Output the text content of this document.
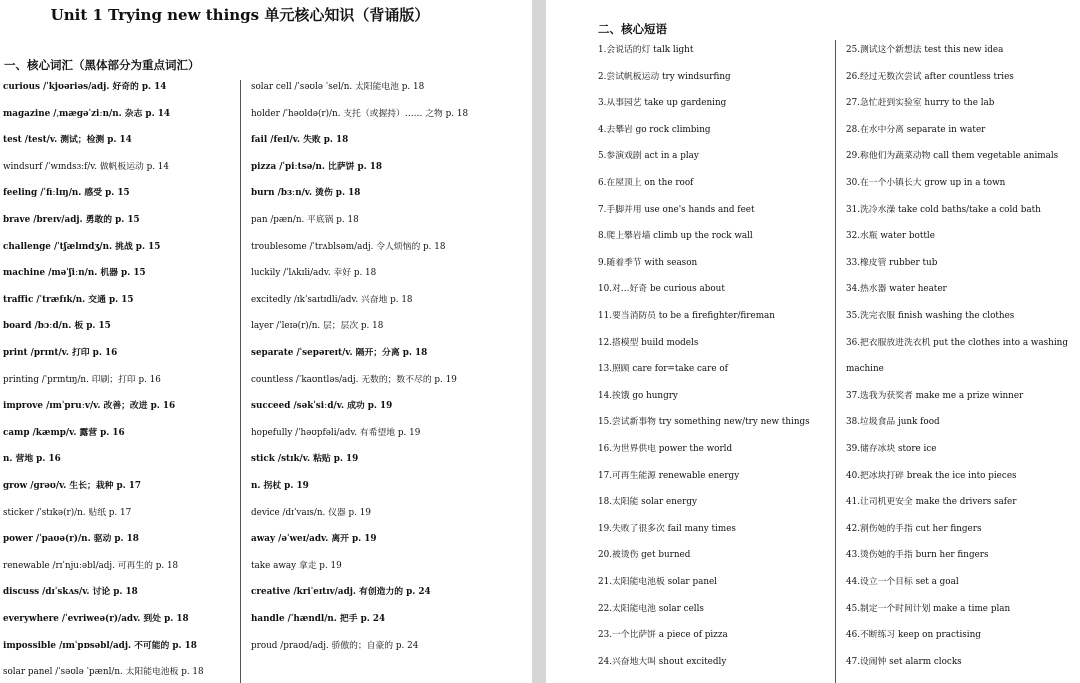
Unit 1 Trying new things 单元核心知识（背诵版）
一、核心词汇（黑体部分为重点词汇）
curious /ˈkjʊəriəs/adj. 好奇的 p. 14
magazine /ˌmægəˈziːn/n. 杂志 p. 14
test /test/v. 测试；检测 p. 14
windsurf /ˈwɪndsɜːf/v. 做帆板运动 p. 14
feeling /ˈfiːlɪŋ/n. 感受 p. 15
brave /breɪv/adj. 勇敢的 p. 15
challenge /ˈtʃælɪndʒ/n. 挑战 p. 15
machine /məˈʃiːn/n. 机器 p. 15
traffic /ˈtræfɪk/n. 交通 p. 15
board /bɔːd/n. 板 p. 15
print /prɪnt/v. 打印 p. 16
printing /ˈprɪntɪŋ/n. 印刷；打印 p. 16
improve /ɪmˈpruːv/v. 改善；改进 p. 16
camp /kæmp/v. 露营 p. 16
n. 营地 p. 16
grow /ɡrəʊ/v. 生长；栽种 p. 17
sticker /ˈstɪkə(r)/n. 贴纸 p. 17
power /ˈpaʊə(r)/n. 驱动 p. 18
renewable /rɪˈnjuːəbl/adj. 可再生的 p. 18
discuss /dɪˈskʌs/v. 讨论 p. 18
everywhere /ˈevriweə(r)/adv. 到处 p. 18
impossible /ɪmˈpɒsəbl/adj. 不可能的 p. 18
solar panel /ˈsəʊlə ˈpænl/n. 太阳能电池板 p. 18
solar cell /ˈsəʊlə ˈsel/n. 太阳能电池 p. 18
holder /ˈhəʊldə(r)/n. 支托（或握持）…… 之物 p. 18
fail /feɪl/v. 失败 p. 18
pizza /ˈpiːtsə/n. 比萨饼 p. 18
burn /bɜːn/v. 烫伤 p. 18
pan /pæn/n. 平底锅 p. 18
troublesome /ˈtrʌblsəm/adj. 令人烦恼的 p. 18
luckily /ˈlʌkɪli/adv. 幸好 p. 18
excitedly /ɪkˈsaɪtɪdli/adv. 兴奋地 p. 18
layer /ˈleɪə(r)/n. 层；层次 p. 18
separate /ˈsepəreɪt/v. 隔开；分离 p. 18
countless /ˈkaʊntləs/adj. 无数的；数不尽的 p. 19
succeed /səkˈsiːd/v. 成功 p. 19
hopefully /ˈhəʊpfəli/adv. 有希望地 p. 19
stick /stɪk/v. 粘贴 p. 19
n. 拐杖 p. 19
device /dɪˈvaɪs/n. 仪器 p. 19
away /əˈweɪ/adv. 离开 p. 19
take away 拿走 p. 19
creative /kriˈeɪtɪv/adj. 有创造力的 p. 24
handle /ˈhændl/n. 把手 p. 24
proud /praʊd/adj. 骄傲的；自豪的 p. 24
二、核心短语
1.会说话的灯 talk light
2.尝试帆板运动 try windsurfing
3.从事园艺 take up gardening
4.去攀岩 go rock climbing
5.参演戏剧 act in a play
6.在屋顶上 on the roof
7.手脚并用 use one's hands and feet
8.爬上攀岩墙 climb up the rock wall
9.随着季节 with season
10.对…好奇 be curious about
11.要当消防员 to be a firefighter/fireman
12.搭模型 build models
13.照顾 care for=take care of
14.挨饿 go hungry
15.尝试新事物 try something new/try new things
16.为世界供电 power the world
17.可再生能源 renewable energy
18.太阳能 solar energy
19.失败了很多次 fail many times
20.被烫伤 get burned
21.太阳能电池板 solar panel
22.太阳能电池 solar cells
23.一个比萨饼 a piece of pizza
24.兴奋地大叫 shout excitedly
25.测试这个新想法 test this new idea
26.经过无数次尝试 after countless tries
27.急忙赶到实验室 hurry to the lab
28.在水中分离 separate in water
29.称他们为蔬菜动物 call them vegetable animals
30.在一个小镇长大 grow up in a town
31.洗冷水澡 take cold baths/take a cold bath
32.水瓶 water bottle
33.橡皮管 rubber tub
34.热水器 water heater
35.洗完衣服 finish washing the clothes
36.把衣服放进洗衣机 put the clothes into a washing
machine
37.选我为获奖者 make me a prize winner
38.垃圾食品 junk food
39.储存冰块 store ice
40.把冰块打碎 break the ice into pieces
41.让司机更安全 make the drivers safer
42.割伤她的手指 cut her fingers
43.烫伤她的手指 burn her fingers
44.设立一个目标 set a goal
45.制定一个时间计划 make a time plan
46.不断练习 keep on practising
47.设闹钟 set alarm clocks
